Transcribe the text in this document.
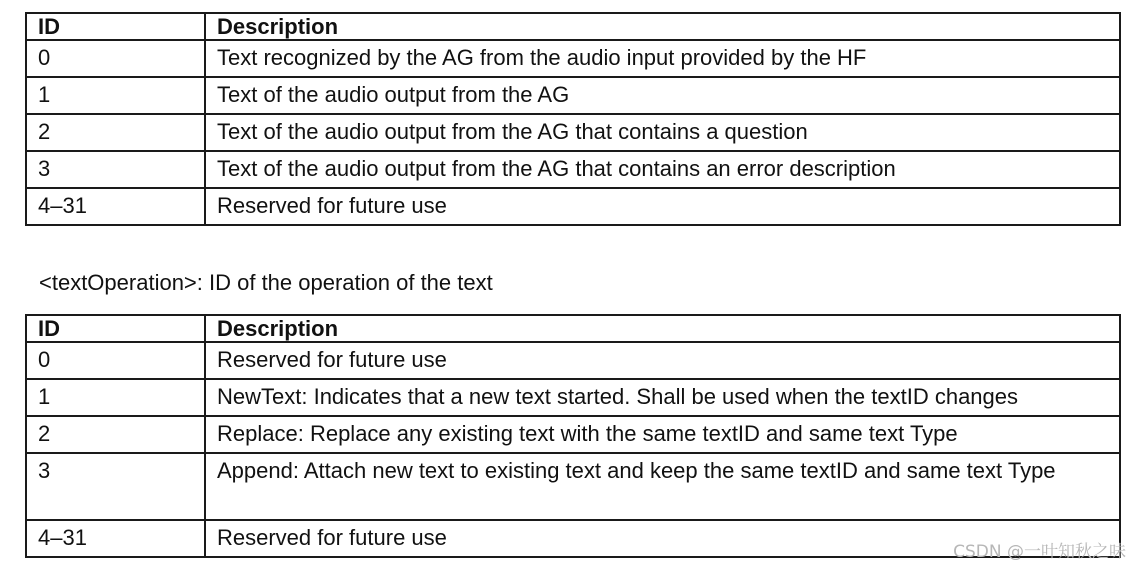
ID	Description
0	Text recognized by the AG from the audio input provided by the HF
1	Text of the audio output from the AG
2	Text of the audio output from the AG that contains a question
3	Text of the audio output from the AG that contains an error description
4–31	Reserved for future use
<textOperation>: ID of the operation of the text
ID	Description
0	Reserved for future use
1	NewText: Indicates that a new text started. Shall be used when the textID changes
2	Replace: Replace any existing text with the same textID and same text Type
3	Append: Attach new text to existing text and keep the same textID and same text Type
4–31	Reserved for future use
CSDN @一叶知秋之味
